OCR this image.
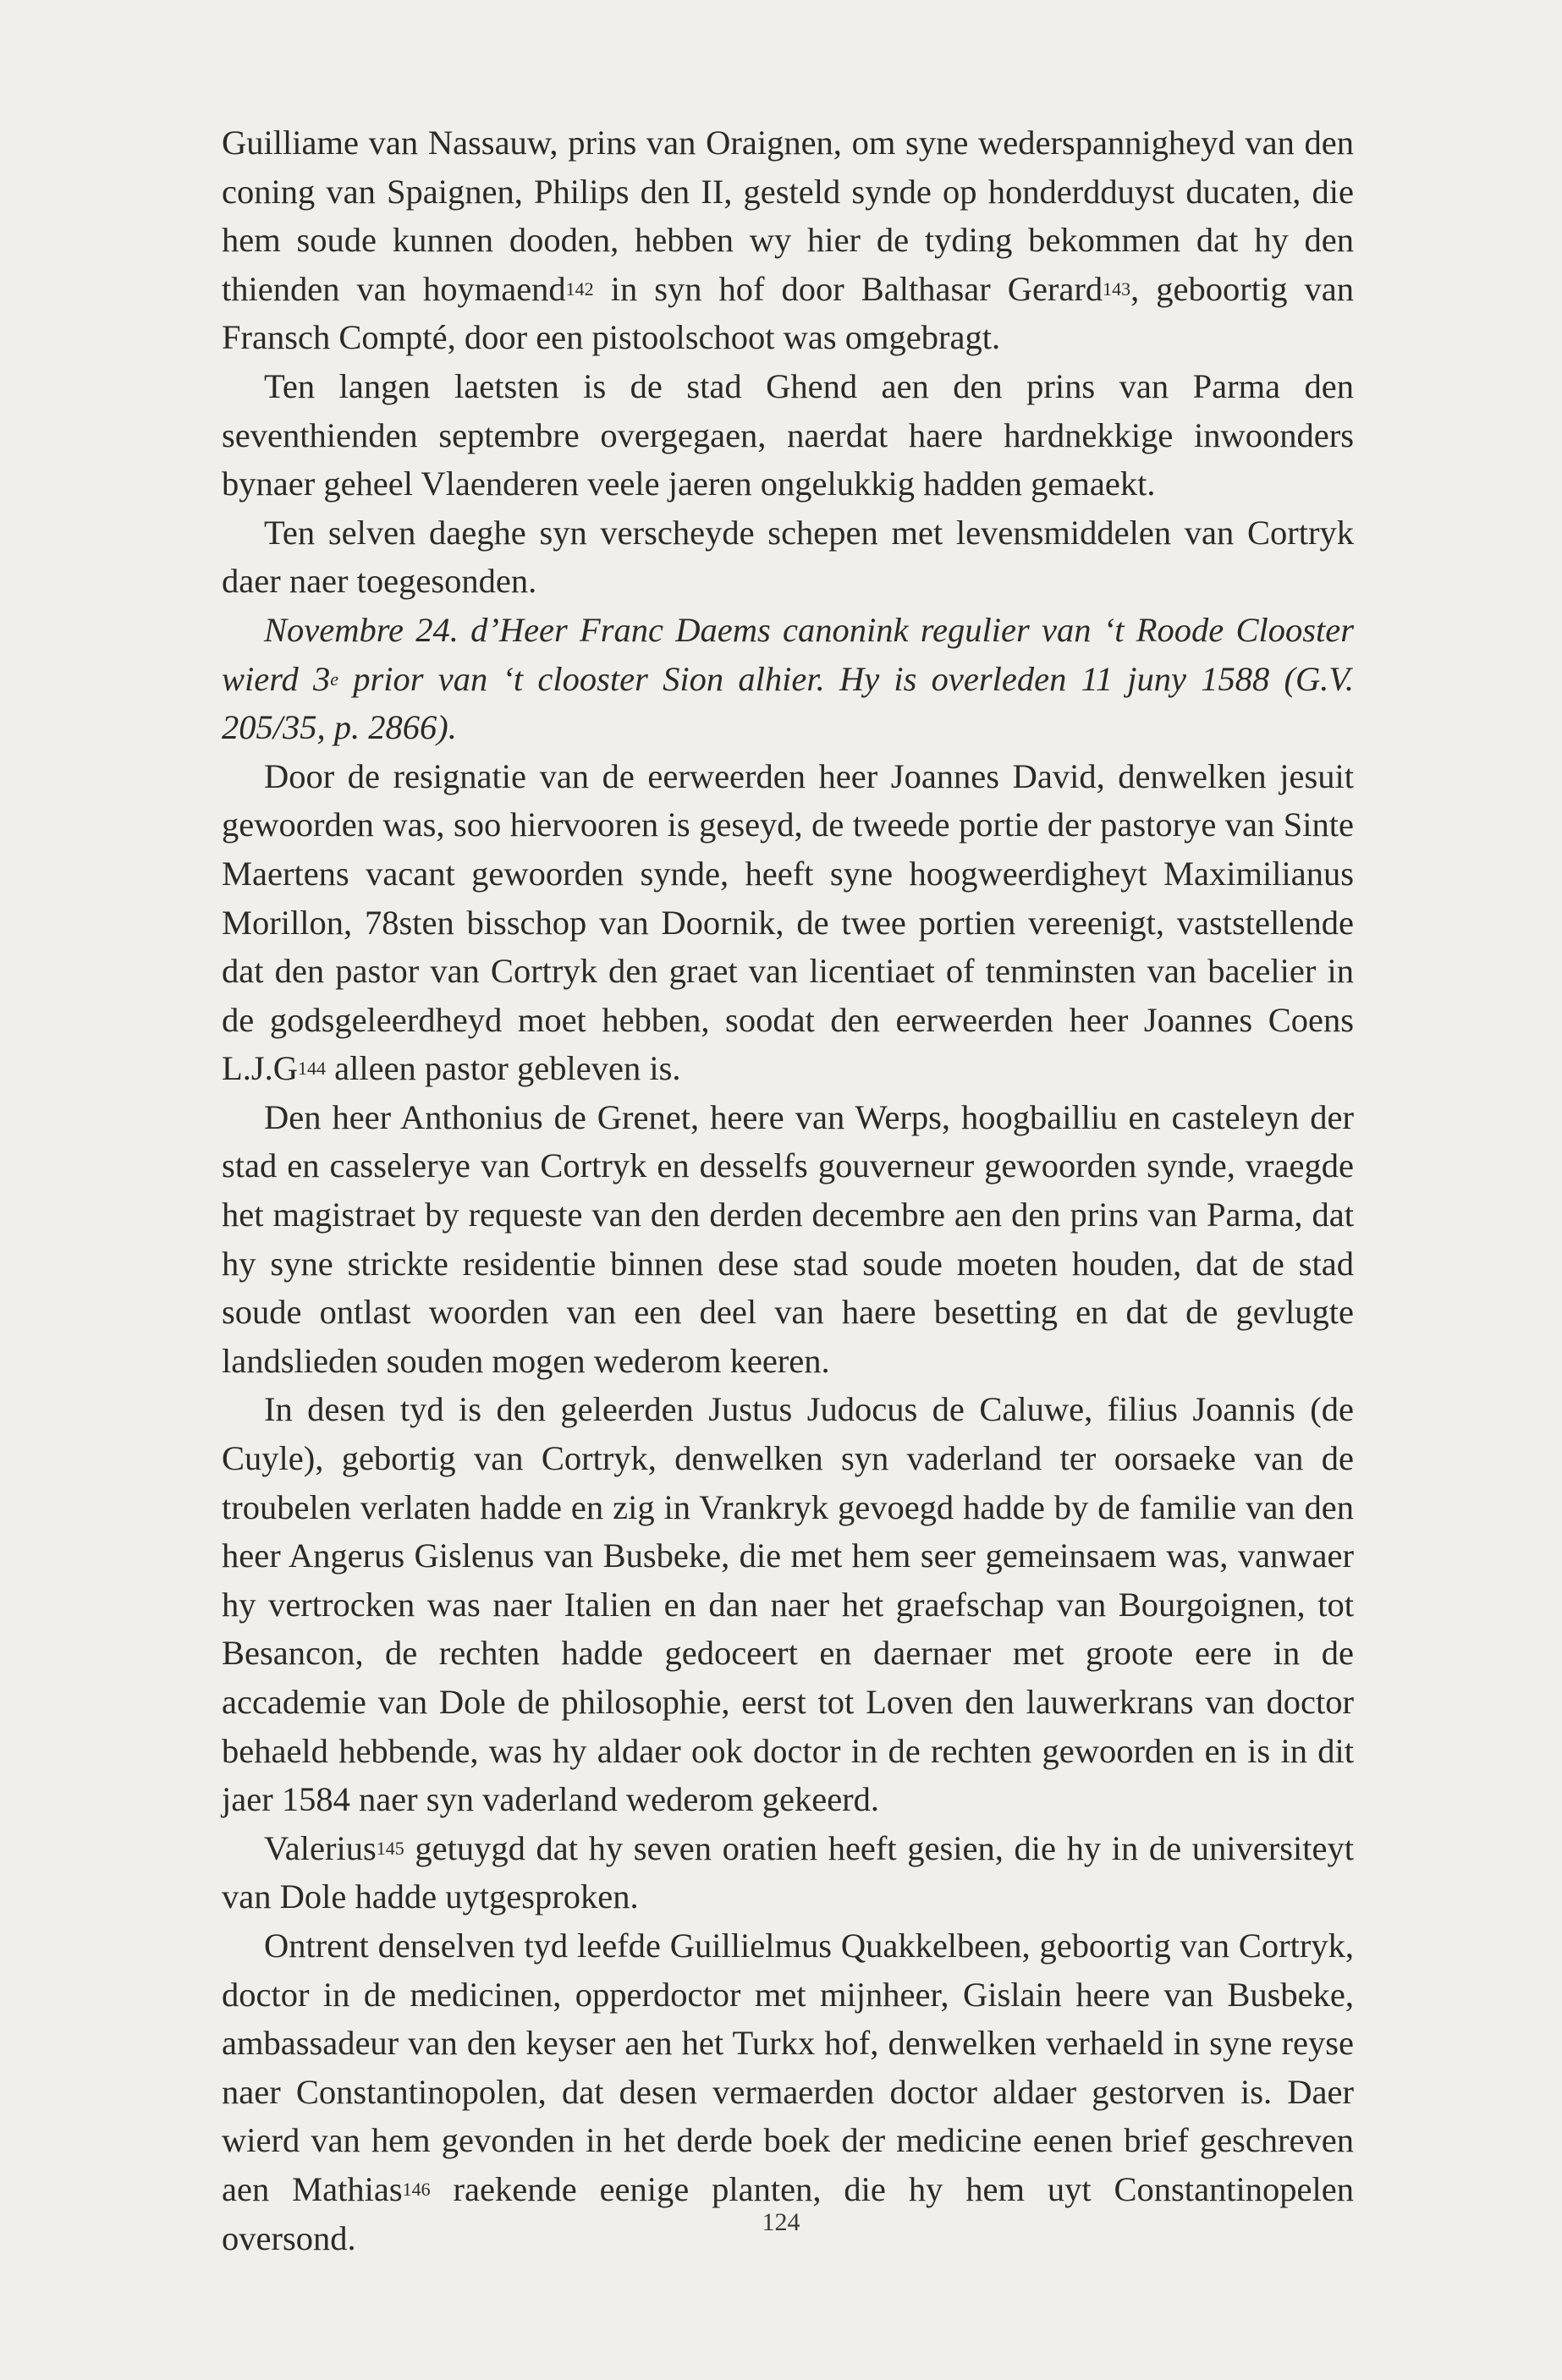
Guilliame van Nassauw, prins van Oraignen, om syne wederspannigheyd van den coning van Spaignen, Philips den II, gesteld synde op honderdduyst ducaten, die hem soude kunnen dooden, hebben wy hier de tyding bekommen dat hy den thienden van hoymaend$^{142}$ in syn hof door Balthasar Gerard$^{143}$, geboortig van Fransch Compté, door een pistoolschoot was omgebragt.

Ten langen laetsten is de stad Ghend aen den prins van Parma den seventhienden septembre overgegaen, naerdat haere hardnekkige inwoonders bynaer geheel Vlaenderen veele jaeren ongelukkig hadden gemaekt.

Ten selven daeghe syn verscheyde schepen met levensmiddelen van Cortryk daer naer toegesonden.

Novembre 24. d’Heer Franc Daems canonink regulier van ‘t Roode Clooster wierd 3e prior van ‘t clooster Sion alhier. Hy is overleden 11 juny 1588 (G.V. 205/35, p. 2866).

Door de resignatie van de eerweerden heer Joannes David, denwelken jesuit gewoorden was, soo hiervooren is geseyd, de tweede portie der pastorye van Sinte Maertens vacant gewoorden synde, heeft syne hoogweerdigheyt Maximilianus Morillon, 78sten bisschop van Doornik, de twee portien vereenigt, vaststellende dat den pastor van Cortryk den graet van licentiaet of tenminsten van bacelier in de godsgeleerdheyd moet hebben, soodat den eerweerden heer Joannes Coens $L.J.G^{144}$ alleen pastor gebleven is.

Den heer Anthonius de Grenet, heere van Werps, hoogbailliu en casteleyn der stad en casselerye van Cortryk en desselfs gouverneur gewoorden synde, vraegde het magistraet by requeste van den derden decembre aen den prins van Parma, dat hy syne strickte residentie binnen dese stad soude moeten houden, dat de stad soude ontlast woorden van een deel van haere besetting en dat de gevlugte landslieden souden mogen wederom keeren.

In desen tyd is den geleerden Justus Judocus de Caluwe, filius Joannis (de Cuyle), gebortig van Cortryk, denwelken syn vaderland ter oorsaeke van de troubelen verlaten hadde en zig in Vrankryk gevoegd hadde by de familie van den heer Angerus Gislenus van Busbeke, die met hem seer gemeinsaem was, vanwaer hy vertrocken was naer Italien en dan naer het graefschap van Bourgoignen, tot Besancon, de rechten hadde gedoceert en daernaer met groote eere in de accademie van Dole de philosophie, eerst tot Loven den lauwerkrans van doctor behaeld hebbende, was hy aldaer ook doctor in de rechten gewoorden en is in dit jaer 1584 naer syn vaderland wederom gekeerd.

Valerius$^{145}$ getuygd dat hy seven oratien heeft gesien, die hy in de universiteyt van Dole hadde uytgesproken.

Ontrent denselven tyd leefde Guillielmus Quakkelbeen, geboortig van Cortryk, doctor in de medicinen, opperdoctor met mijnheer, Gislain heere van Busbeke, ambassadeur van den keyser aen het Turkx hof, denwelken verhaeld in syne reyse naer Constantinopolen, dat desen vermaerden doctor aldaer gestorven is. Daer wierd van hem gevonden in het derde boek der medicine eenen brief geschreven aen Mathias$^{146}$ raekende eenige planten, die hy hem uyt Constantinopelen oversond.	124
